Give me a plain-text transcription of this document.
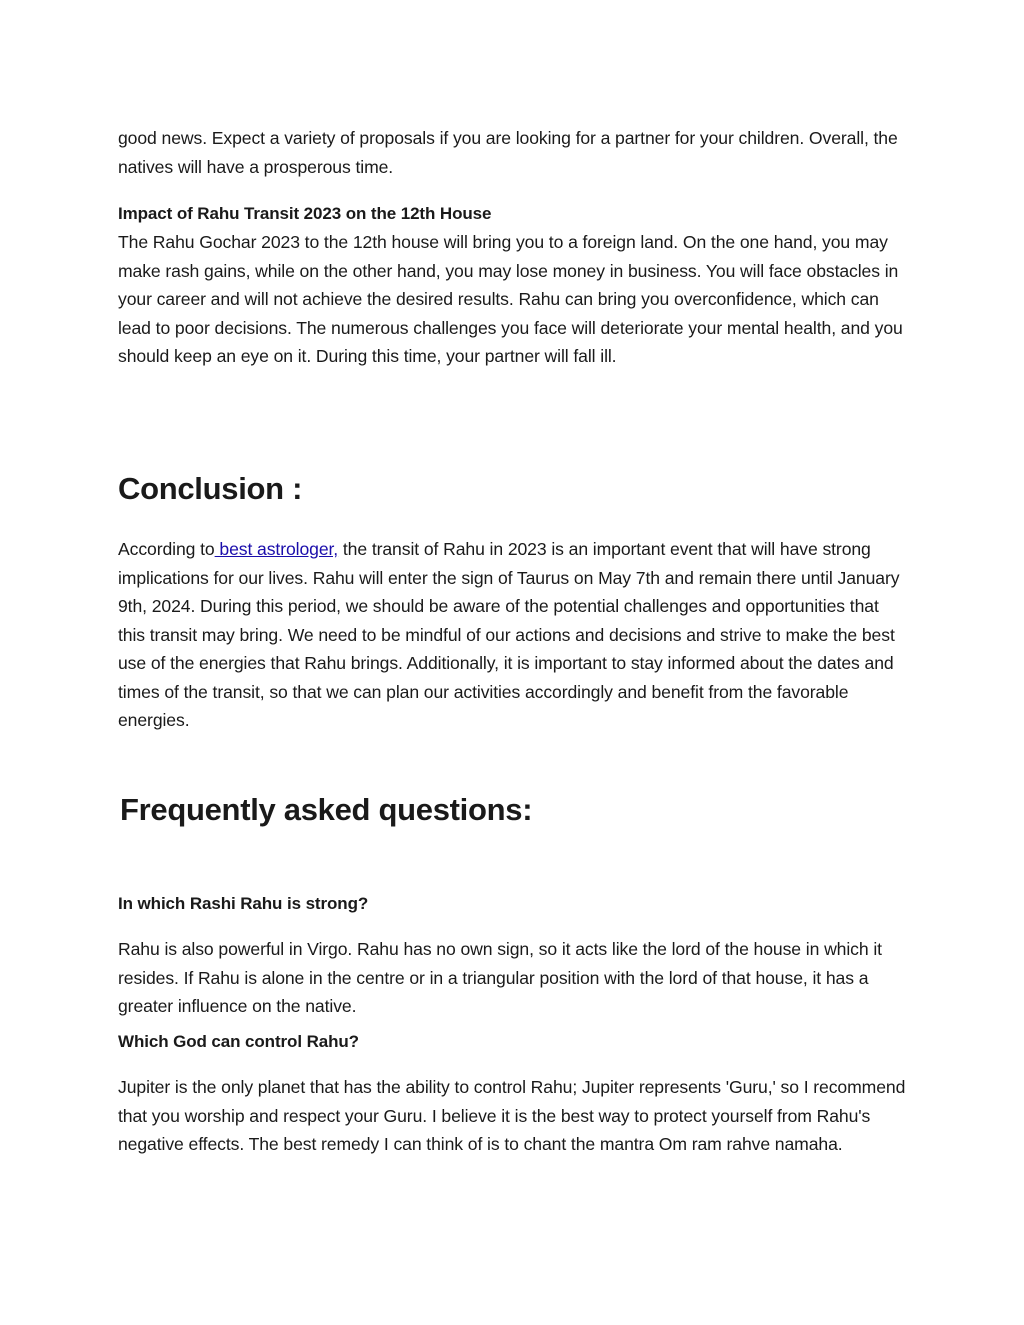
good news. Expect a variety of proposals if you are looking for a partner for your children. Overall, the natives will have a prosperous time.

Impact of Rahu Transit 2023 on the 12th House

The Rahu Gochar 2023 to the 12th house will bring you to a foreign land. On the one hand, you may make rash gains, while on the other hand, you may lose money in business. You will face obstacles in your career and will not achieve the desired results. Rahu can bring you overconfidence, which can lead to poor decisions. The numerous challenges you face will deteriorate your mental health, and you should keep an eye on it. During this time, your partner will fall ill.

Conclusion :

According to best astrologer, the transit of Rahu in 2023 is an important event that will have strong implications for our lives. Rahu will enter the sign of Taurus on May 7th and remain there until January 9th, 2024. During this period, we should be aware of the potential challenges and opportunities that this transit may bring. We need to be mindful of our actions and decisions and strive to make the best use of the energies that Rahu brings. Additionally, it is important to stay informed about the dates and times of the transit, so that we can plan our activities accordingly and benefit from the favorable energies.

Frequently asked questions:

In which Rashi Rahu is strong?

Rahu is also powerful in Virgo. Rahu has no own sign, so it acts like the lord of the house in which it resides. If Rahu is alone in the centre or in a triangular position with the lord of that house, it has a greater influence on the native.

Which God can control Rahu?

Jupiter is the only planet that has the ability to control Rahu; Jupiter represents 'Guru,' so I recommend that you worship and respect your Guru. I believe it is the best way to protect yourself from Rahu's negative effects. The best remedy I can think of is to chant the mantra Om ram rahve namaha.
